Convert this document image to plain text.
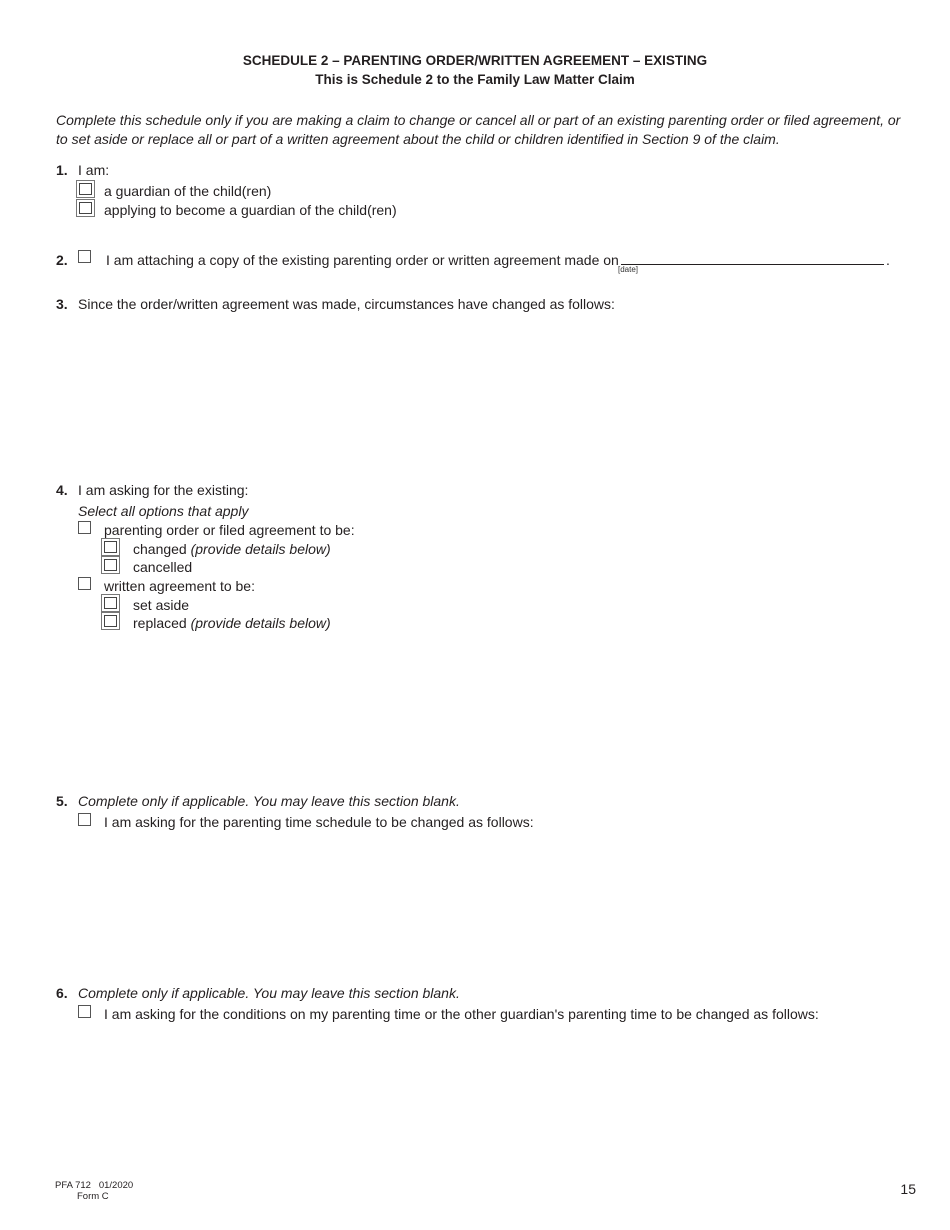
SCHEDULE 2 – PARENTING ORDER/WRITTEN AGREEMENT – EXISTING
This is Schedule 2 to the Family Law Matter Claim
Complete this schedule only if you are making a claim to change or cancel all or part of an existing parenting order or filed agreement, or to set aside or replace all or part of a written agreement about the child or children identified in Section 9 of the claim.
1. I am:
a guardian of the child(ren)
applying to become a guardian of the child(ren)
2.	I am attaching a copy of the existing parenting order or written agreement made on
[date]
.
3. Since the order/written agreement was made, circumstances have changed as follows:
4. I am asking for the existing:
Select all options that apply
parenting order or filed agreement to be:
changed (provide details below)
cancelled
written agreement to be:
set aside
replaced (provide details below)
5. Complete only if applicable. You may leave this section blank.
I am asking for the parenting time schedule to be changed as follows:
6. Complete only if applicable. You may leave this section blank.
I am asking for the conditions on my parenting time or the other guardian's parenting time to be changed as follows:
PFA 712   01/2020
Form C	15
